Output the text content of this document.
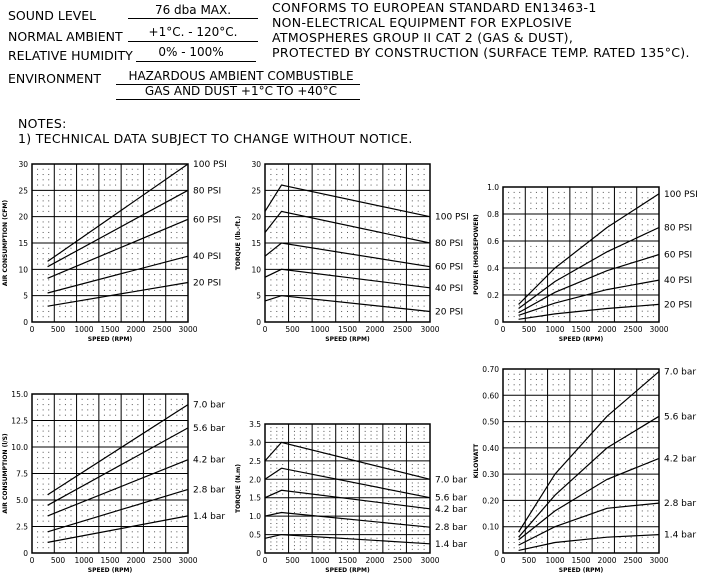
SOUND LEVEL	76 dba MAX.
NORMAL AMBIENT	+1°C. - 120°C.
RELATIVE HUMIDITY	0% - 100%
ENVIRONMENT	HAZARDOUS AMBIENT COMBUSTIBLE
GAS AND DUST +1°C TO +40°C
CONFORMS TO EUROPEAN STANDARD EN13463-1
NON-ELECTRICAL EQUIPMENT FOR EXPLOSIVE
ATMOSPHERES GROUP II CAT 2 (GAS & DUST),
PROTECTED BY CONSTRUCTION (SURFACE TEMP. RATED 135°C).
NOTES:
1) TECHNICAL DATA SUBJECT TO CHANGE WITHOUT NOTICE.
0 500 1000 1500 2000 2500 3000
0
5
10
15
20
25
30
SPEED (RPM)
AIR CONSUMPTION (CFM)
100 PSI
80 PSI
60 PSI
40 PSI
20 PSI
0 500 1000 1500 2000 2500 3000
0
5
10
15
20
25
30
SPEED (RPM)
TORQUE (lb.-ft.)	100 PSI
80 PSI
60 PSI
40 PSI
20 PSI
0 500 1000 1500 2000 2500 3000
0
0.2
0.4
0.6
0.8
1.0
SPEED (RPM)
POWER (HORSEPOWER)
100 PSI
80 PSI
60 PSI
40 PSI
20 PSI
0 500 1000 1500 2000 2500 3000
0
2.5
5.0
7.5
10.0
12.5
15.0
SPEED (RPM)
AIR CONSUMPTION (l/S)
7.0 bar
5.6 bar
4.2 bar
2.8 bar
1.4 bar
0 500 1000 1500 2000 2500 3000
0
0.5
1.0
1.5
2.0
2.5
3.0
3.5
SPEED (RPM)
TORQUE (N.m)	7.0 bar
5.6 bar
4.2 bar
2.8 bar
1.4 bar
0 500 1000 1500 2000 2500 3000
0
0.10
0.20
0.30
0.40
0.50
0.60
0.70
SPEED (RPM)
KILOWATT
7.0 bar
5.6 bar
4.2 bar
2.8 bar
1.4 bar
